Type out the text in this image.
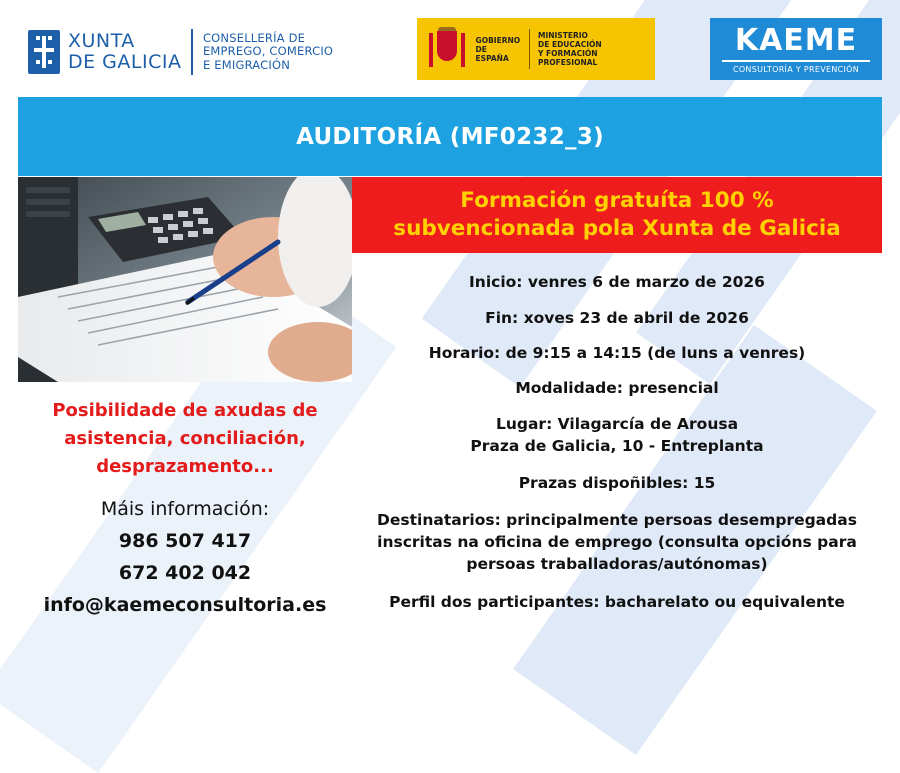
XUNTA
DE GALICIA
CONSELLERÍA DE
EMPREGO, COMERCIO
E EMIGRACIÓN
GOBIERNO
DE ESPAÑA
MINISTERIO
DE EDUCACIÓN
Y FORMACIÓN PROFESIONAL
KAEME
CONSULTORÍA Y PREVENCIÓN
AUDITORÍA (MF0232_3)
Formación gratuíta 100 %
subvencionada pola Xunta de Galicia
Inicio: venres 6 de marzo de 2026
Fin: xoves 23 de abril de 2026
Horario: de 9:15 a 14:15 (de luns a venres)
Modalidade: presencial
Lugar: Vilagarcía de Arousa
Praza de Galicia, 10 - Entreplanta
Prazas dispoñibles: 15
Destinatarios: principalmente persoas desempregadas
inscritas na oficina de emprego (consulta opcións para
persoas traballadoras/autónomas)
Perfil dos participantes: bacharelato ou equivalente
Posibilidade de axudas de
asistencia, conciliación,
desprazamento...
Máis información:
986 507 417
672 402 042
info@kaemeconsultoria.es
